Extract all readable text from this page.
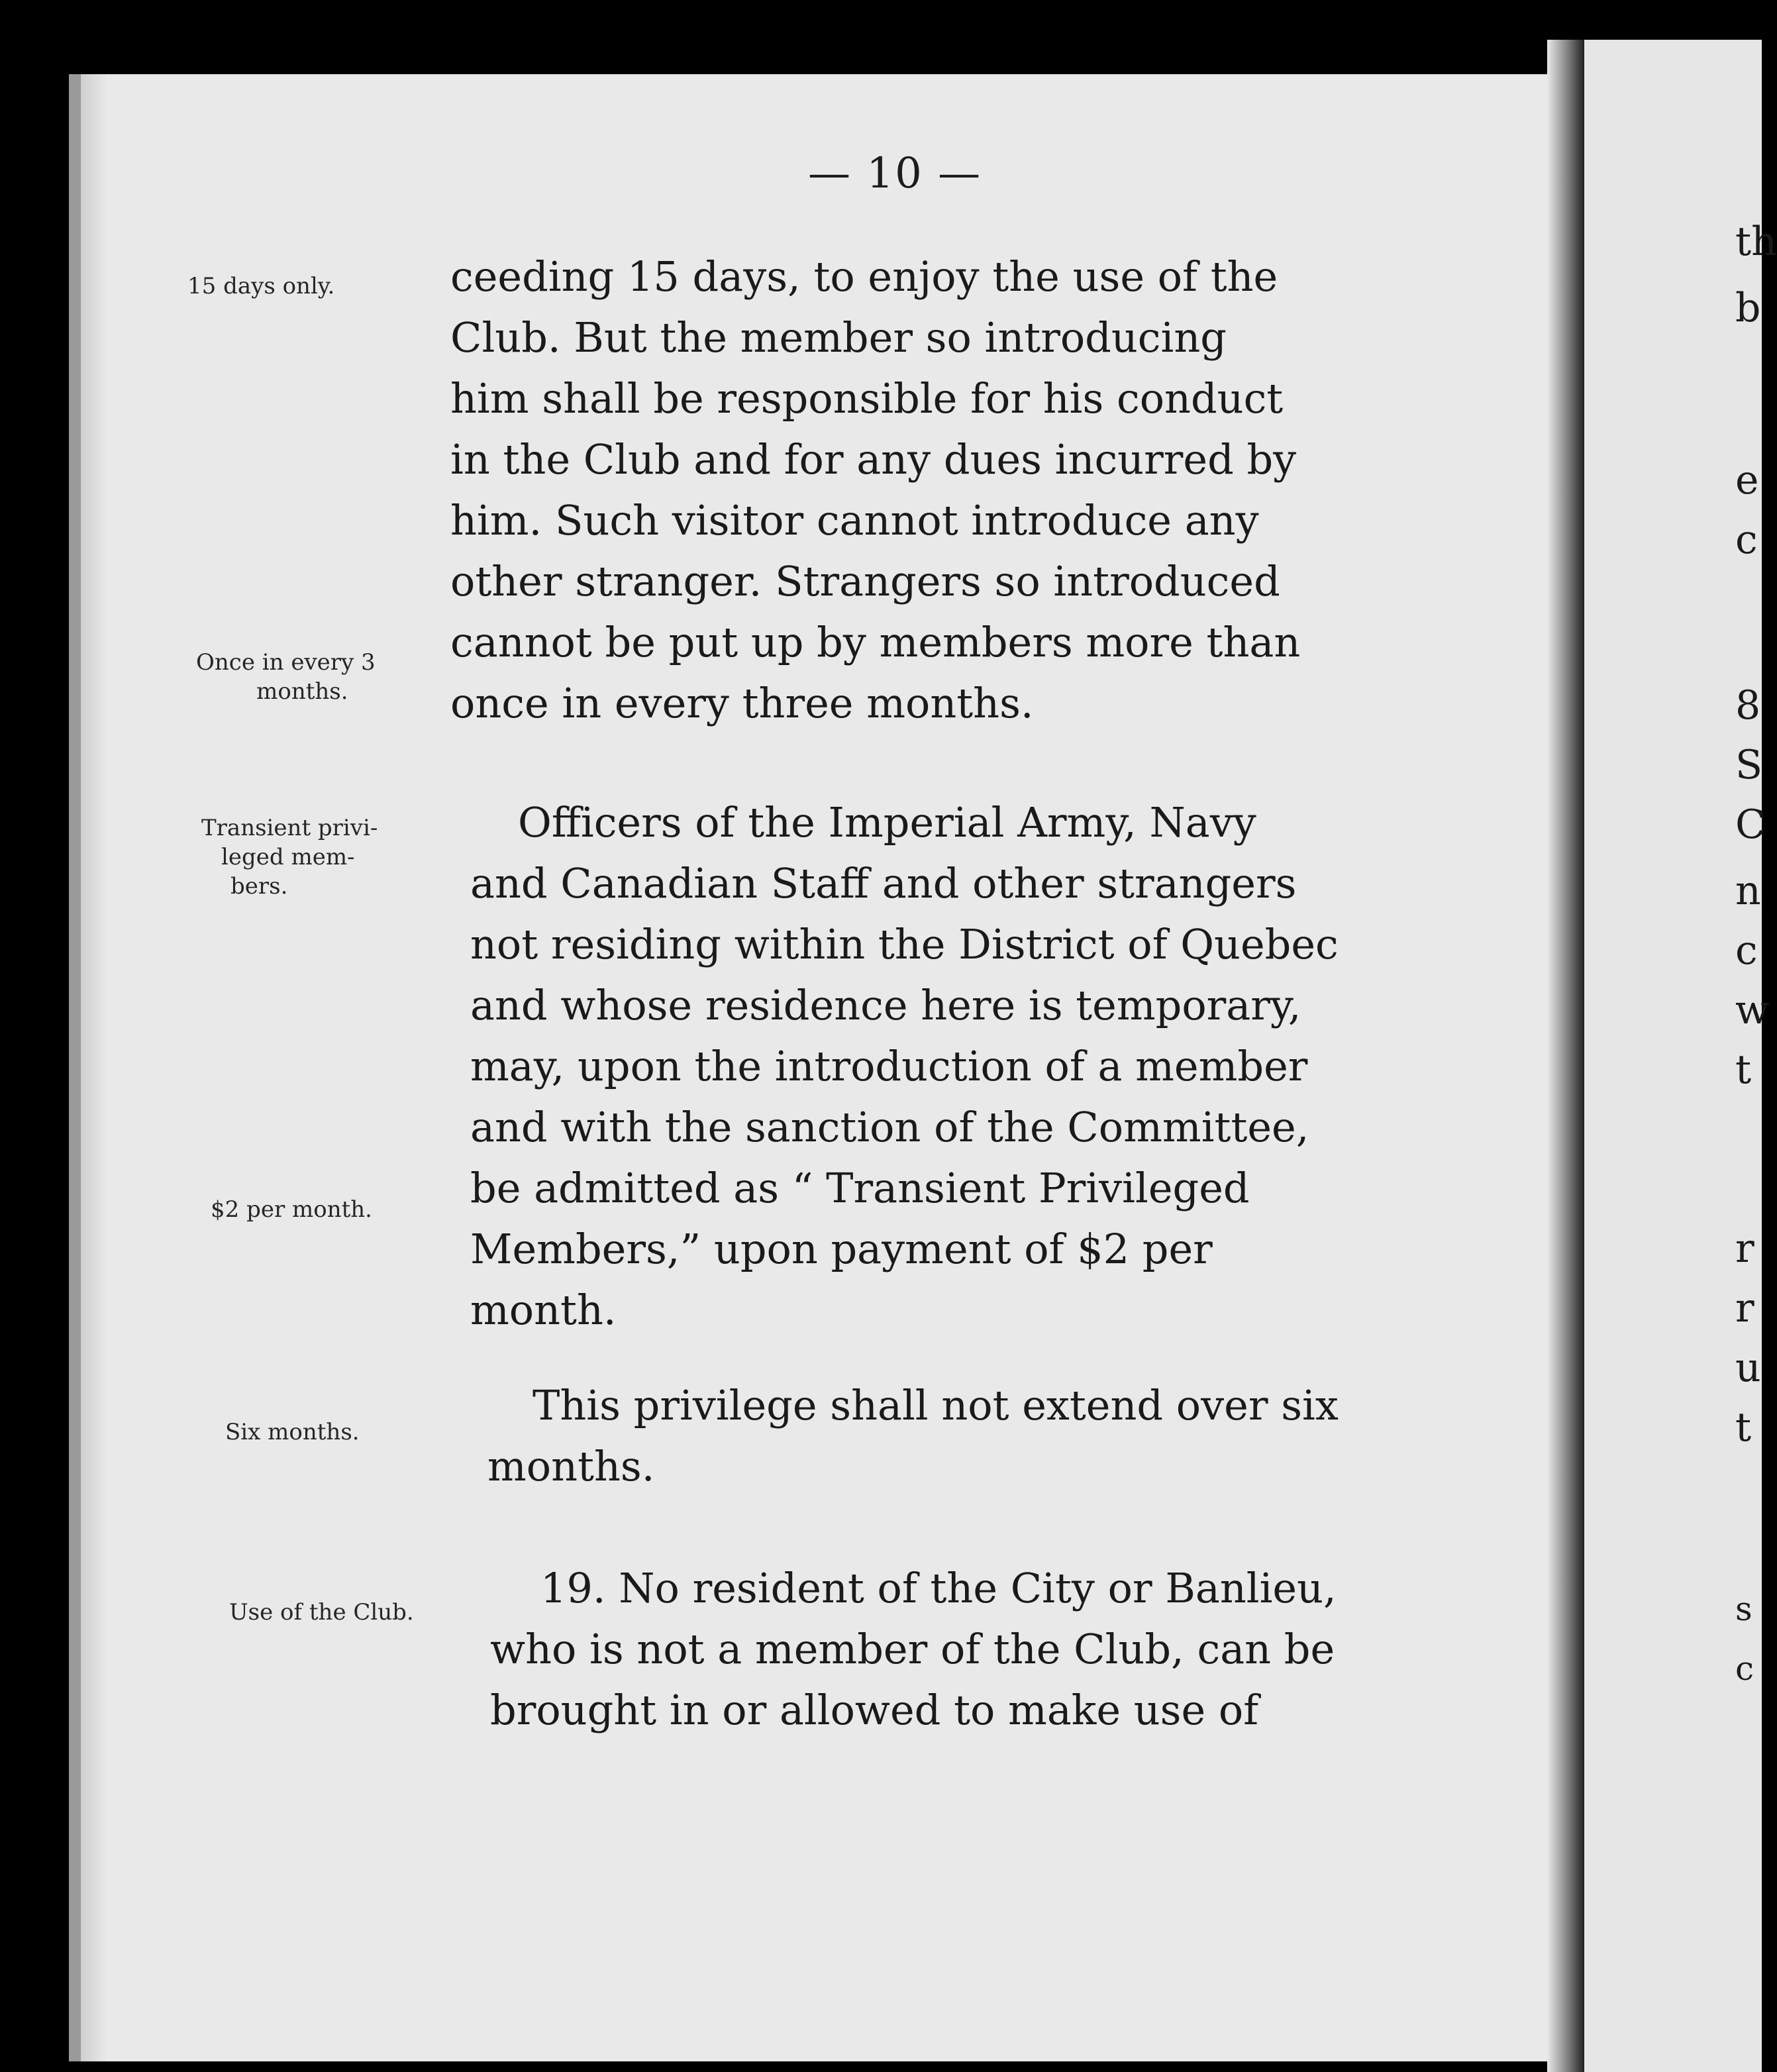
— 10 —
15 days only.
Once in every 3
months.
Transient privi-
leged mem-
bers.
$2 per month.
Six months.
Use of the Club.
ceeding 15 days, to enjoy the use of the
Club. But the member so introducing
him shall be responsible for his conduct
in the Club and for any dues incurred by
him. Such visitor cannot introduce any
other stranger. Strangers so introduced
cannot be put up by members more than
once in every three months.
Officers of the Imperial Army, Navy
and Canadian Staff and other strangers
not residing within the District of Quebec
and whose residence here is temporary,
may, upon the introduction of a member
and with the sanction of the Committee,
be admitted as “ Transient Privileged
Members,” upon payment of $2 per
month.
This privilege shall not extend over six
months.
19. No resident of the City or Banlieu,
who is not a member of the Club, can be
brought in or allowed to make use of
th
b
e
c
8
S
C
n
c
w
t
r
r
u
t
s
c
